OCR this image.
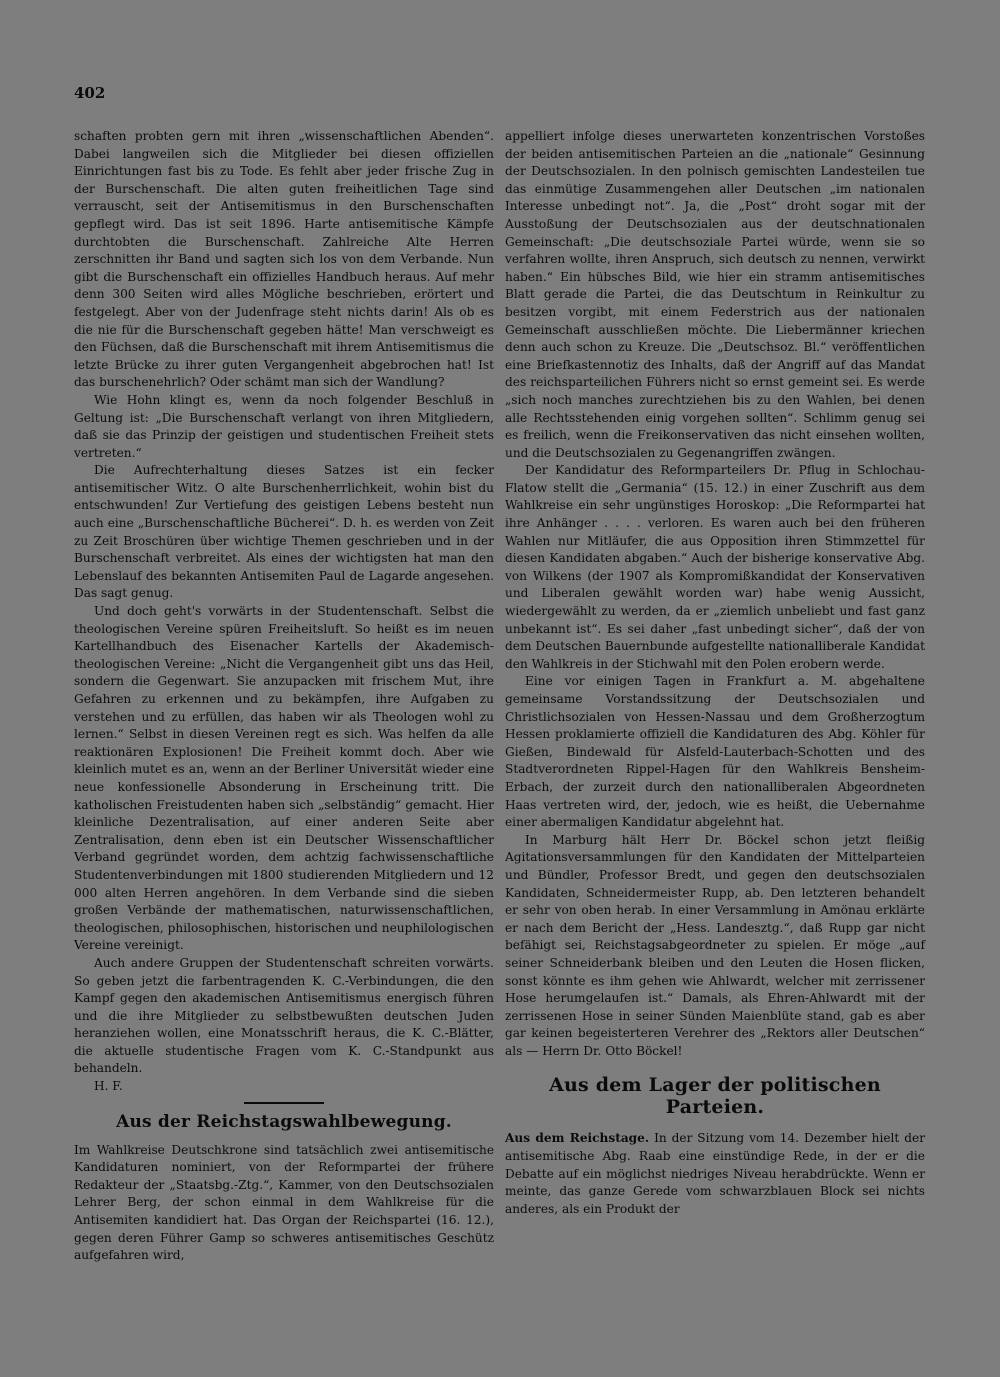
402

schaften probten gern mit ihren „wissenschaftlichen Abenden“. Dabei langweilen sich die Mitglieder bei diesen offiziellen Einrichtungen fast bis zu Tode. Es fehlt aber jeder frische Zug in der Burschenschaft. Die alten guten freiheitlichen Tage sind verrauscht, seit der Antisemitismus in den Burschenschaften gepflegt wird. Das ist seit 1896. Harte antisemitische Kämpfe durchtobten die Burschenschaft. Zahlreiche Alte Herren zerschnitten ihr Band und sagten sich los von dem Verbande. Nun gibt die Burschenschaft ein offizielles Handbuch heraus. Auf mehr denn 300 Seiten wird alles Mögliche beschrieben, erörtert und festgelegt. Aber von der Judenfrage steht nichts darin! Als ob es die nie für die Burschenschaft gegeben hätte! Man verschweigt es den Füchsen, daß die Burschenschaft mit ihrem Antisemitismus die letzte Brücke zu ihrer guten Vergangenheit abgebrochen hat! Ist das burschenehrlich? Oder schämt man sich der Wandlung?

Wie Hohn klingt es, wenn da noch folgender Beschluß in Geltung ist: „Die Burschenschaft verlangt von ihren Mitgliedern, daß sie das Prinzip der geistigen und studentischen Freiheit stets vertreten.“

Die Aufrechterhaltung dieses Satzes ist ein fecker antisemitischer Witz. O alte Burschenherrlichkeit, wohin bist du entschwunden! Zur Vertiefung des geistigen Lebens besteht nun auch eine „Burschenschaftliche Bücherei“. D. h. es werden von Zeit zu Zeit Broschüren über wichtige Themen geschrieben und in der Burschenschaft verbreitet. Als eines der wichtigsten hat man den Lebenslauf des bekannten Antisemiten Paul de Lagarde angesehen. Das sagt genug.

Und doch geht's vorwärts in der Studentenschaft. Selbst die theologischen Vereine spüren Freiheitsluft. So heißt es im neuen Kartellhandbuch des Eisenacher Kartells der Akademisch-theologischen Vereine: „Nicht die Vergangenheit gibt uns das Heil, sondern die Gegenwart. Sie anzupacken mit frischem Mut, ihre Gefahren zu erkennen und zu bekämpfen, ihre Aufgaben zu verstehen und zu erfüllen, das haben wir als Theologen wohl zu lernen.“ Selbst in diesen Vereinen regt es sich. Was helfen da alle reaktionären Explosionen! Die Freiheit kommt doch. Aber wie kleinlich mutet es an, wenn an der Berliner Universität wieder eine neue konfessionelle Absonderung in Erscheinung tritt. Die katholischen Freistudenten haben sich „selbständig“ gemacht. Hier kleinliche Dezentralisation, auf einer anderen Seite aber Zentralisation, denn eben ist ein Deutscher Wissenschaftlicher Verband gegründet worden, dem achtzig fachwissenschaftliche Studentenverbindungen mit 1800 studierenden Mitgliedern und 12 000 alten Herren angehören. In dem Verbande sind die sieben großen Verbände der mathematischen, naturwissenschaftlichen, theologischen, philosophischen, historischen und neuphilologischen Vereine vereinigt.

Auch andere Gruppen der Studentenschaft schreiten vorwärts. So geben jetzt die farbentragenden K. C.-Verbindungen, die den Kampf gegen den akademischen Antisemitismus energisch führen und die ihre Mitglieder zu selbstbewußten deutschen Juden heranziehen wollen, eine Monatsschrift heraus, die K. C.-Blätter, die aktuelle studentische Fragen vom K. C.-Standpunkt aus behandeln.

H. F.

Aus der Reichstagswahlbewegung.

Im Wahlkreise Deutschkrone sind tatsächlich zwei antisemitische Kandidaturen nominiert, von der Reformpartei der frühere Redakteur der „Staatsbg.-Ztg.“, Kammer, von den Deutschsozialen Lehrer Berg, der schon einmal in dem Wahlkreise für die Antisemiten kandidiert hat. Das Organ der Reichspartei (16. 12.), gegen deren Führer Gamp so schweres antisemitisches Geschütz aufgefahren wird,

appelliert infolge dieses unerwarteten konzentrischen Vorstoßes der beiden antisemitischen Parteien an die „nationale“ Gesinnung der Deutschsozialen. In den polnisch gemischten Landesteilen tue das einmütige Zusammengehen aller Deutschen „im nationalen Interesse unbedingt not“. Ja, die „Post“ droht sogar mit der Ausstoßung der Deutschsozialen aus der deutschnationalen Gemeinschaft: „Die deutschsoziale Partei würde, wenn sie so verfahren wollte, ihren Anspruch, sich deutsch zu nennen, verwirkt haben.“ Ein hübsches Bild, wie hier ein stramm antisemitisches Blatt gerade die Partei, die das Deutschtum in Reinkultur zu besitzen vorgibt, mit einem Federstrich aus der nationalen Gemeinschaft ausschließen möchte. Die Liebermänner kriechen denn auch schon zu Kreuze. Die „Deutschsoz. Bl.“ veröffentlichen eine Briefkastennotiz des Inhalts, daß der Angriff auf das Mandat des reichsparteilichen Führers nicht so ernst gemeint sei. Es werde „sich noch manches zurechtziehen bis zu den Wahlen, bei denen alle Rechtsstehenden einig vorgehen sollten“. Schlimm genug sei es freilich, wenn die Freikonservativen das nicht einsehen wollten, und die Deutschsozialen zu Gegenangriffen zwängen.

Der Kandidatur des Reformparteilers Dr. Pflug in Schlochau-Flatow stellt die „Germania“ (15. 12.) in einer Zuschrift aus dem Wahlkreise ein sehr ungünstiges Horoskop: „Die Reformpartei hat ihre Anhänger . . . . verloren. Es waren auch bei den früheren Wahlen nur Mitläufer, die aus Opposition ihren Stimmzettel für diesen Kandidaten abgaben.“ Auch der bisherige konservative Abg. von Wilkens (der 1907 als Kompromißkandidat der Konservativen und Liberalen gewählt worden war) habe wenig Aussicht, wiedergewählt zu werden, da er „ziemlich unbeliebt und fast ganz unbekannt ist“. Es sei daher „fast unbedingt sicher“, daß der von dem Deutschen Bauernbunde aufgestellte nationalliberale Kandidat den Wahlkreis in der Stichwahl mit den Polen erobern werde.

Eine vor einigen Tagen in Frankfurt a. M. abgehaltene gemeinsame Vorstandssitzung der Deutschsozialen und Christlichsozialen von Hessen-Nassau und dem Großherzogtum Hessen proklamierte offiziell die Kandidaturen des Abg. Köhler für Gießen, Bindewald für Alsfeld-Lauterbach-Schotten und des Stadtverordneten Rippel-Hagen für den Wahlkreis Bensheim-Erbach, der zurzeit durch den nationalliberalen Abgeordneten Haas vertreten wird, der, jedoch, wie es heißt, die Uebernahme einer abermaligen Kandidatur abgelehnt hat.

In Marburg hält Herr Dr. Böckel schon jetzt fleißig Agitationsversammlungen für den Kandidaten der Mittelparteien und Bündler, Professor Bredt, und gegen den deutschsozialen Kandidaten, Schneidermeister Rupp, ab. Den letzteren behandelt er sehr von oben herab. In einer Versammlung in Amönau erklärte er nach dem Bericht der „Hess. Landesztg.“, daß Rupp gar nicht befähigt sei, Reichstagsabgeordneter zu spielen. Er möge „auf seiner Schneiderbank bleiben und den Leuten die Hosen flicken, sonst könnte es ihm gehen wie Ahlwardt, welcher mit zerrissener Hose herumgelaufen ist.“ Damals, als Ehren-Ahlwardt mit der zerrissenen Hose in seiner Sünden Maienblüte stand, gab es aber gar keinen begeisterteren Verehrer des „Rektors aller Deutschen“ als — Herrn Dr. Otto Böckel!

Aus dem Lager der politischen Parteien.

Aus dem Reichstage. In der Sitzung vom 14. Dezember hielt der antisemitische Abg. Raab eine einstündige Rede, in der er die Debatte auf ein möglichst niedriges Niveau herabdrückte. Wenn er meinte, das ganze Gerede vom schwarzblauen Block sei nichts anderes, als ein Produkt der
